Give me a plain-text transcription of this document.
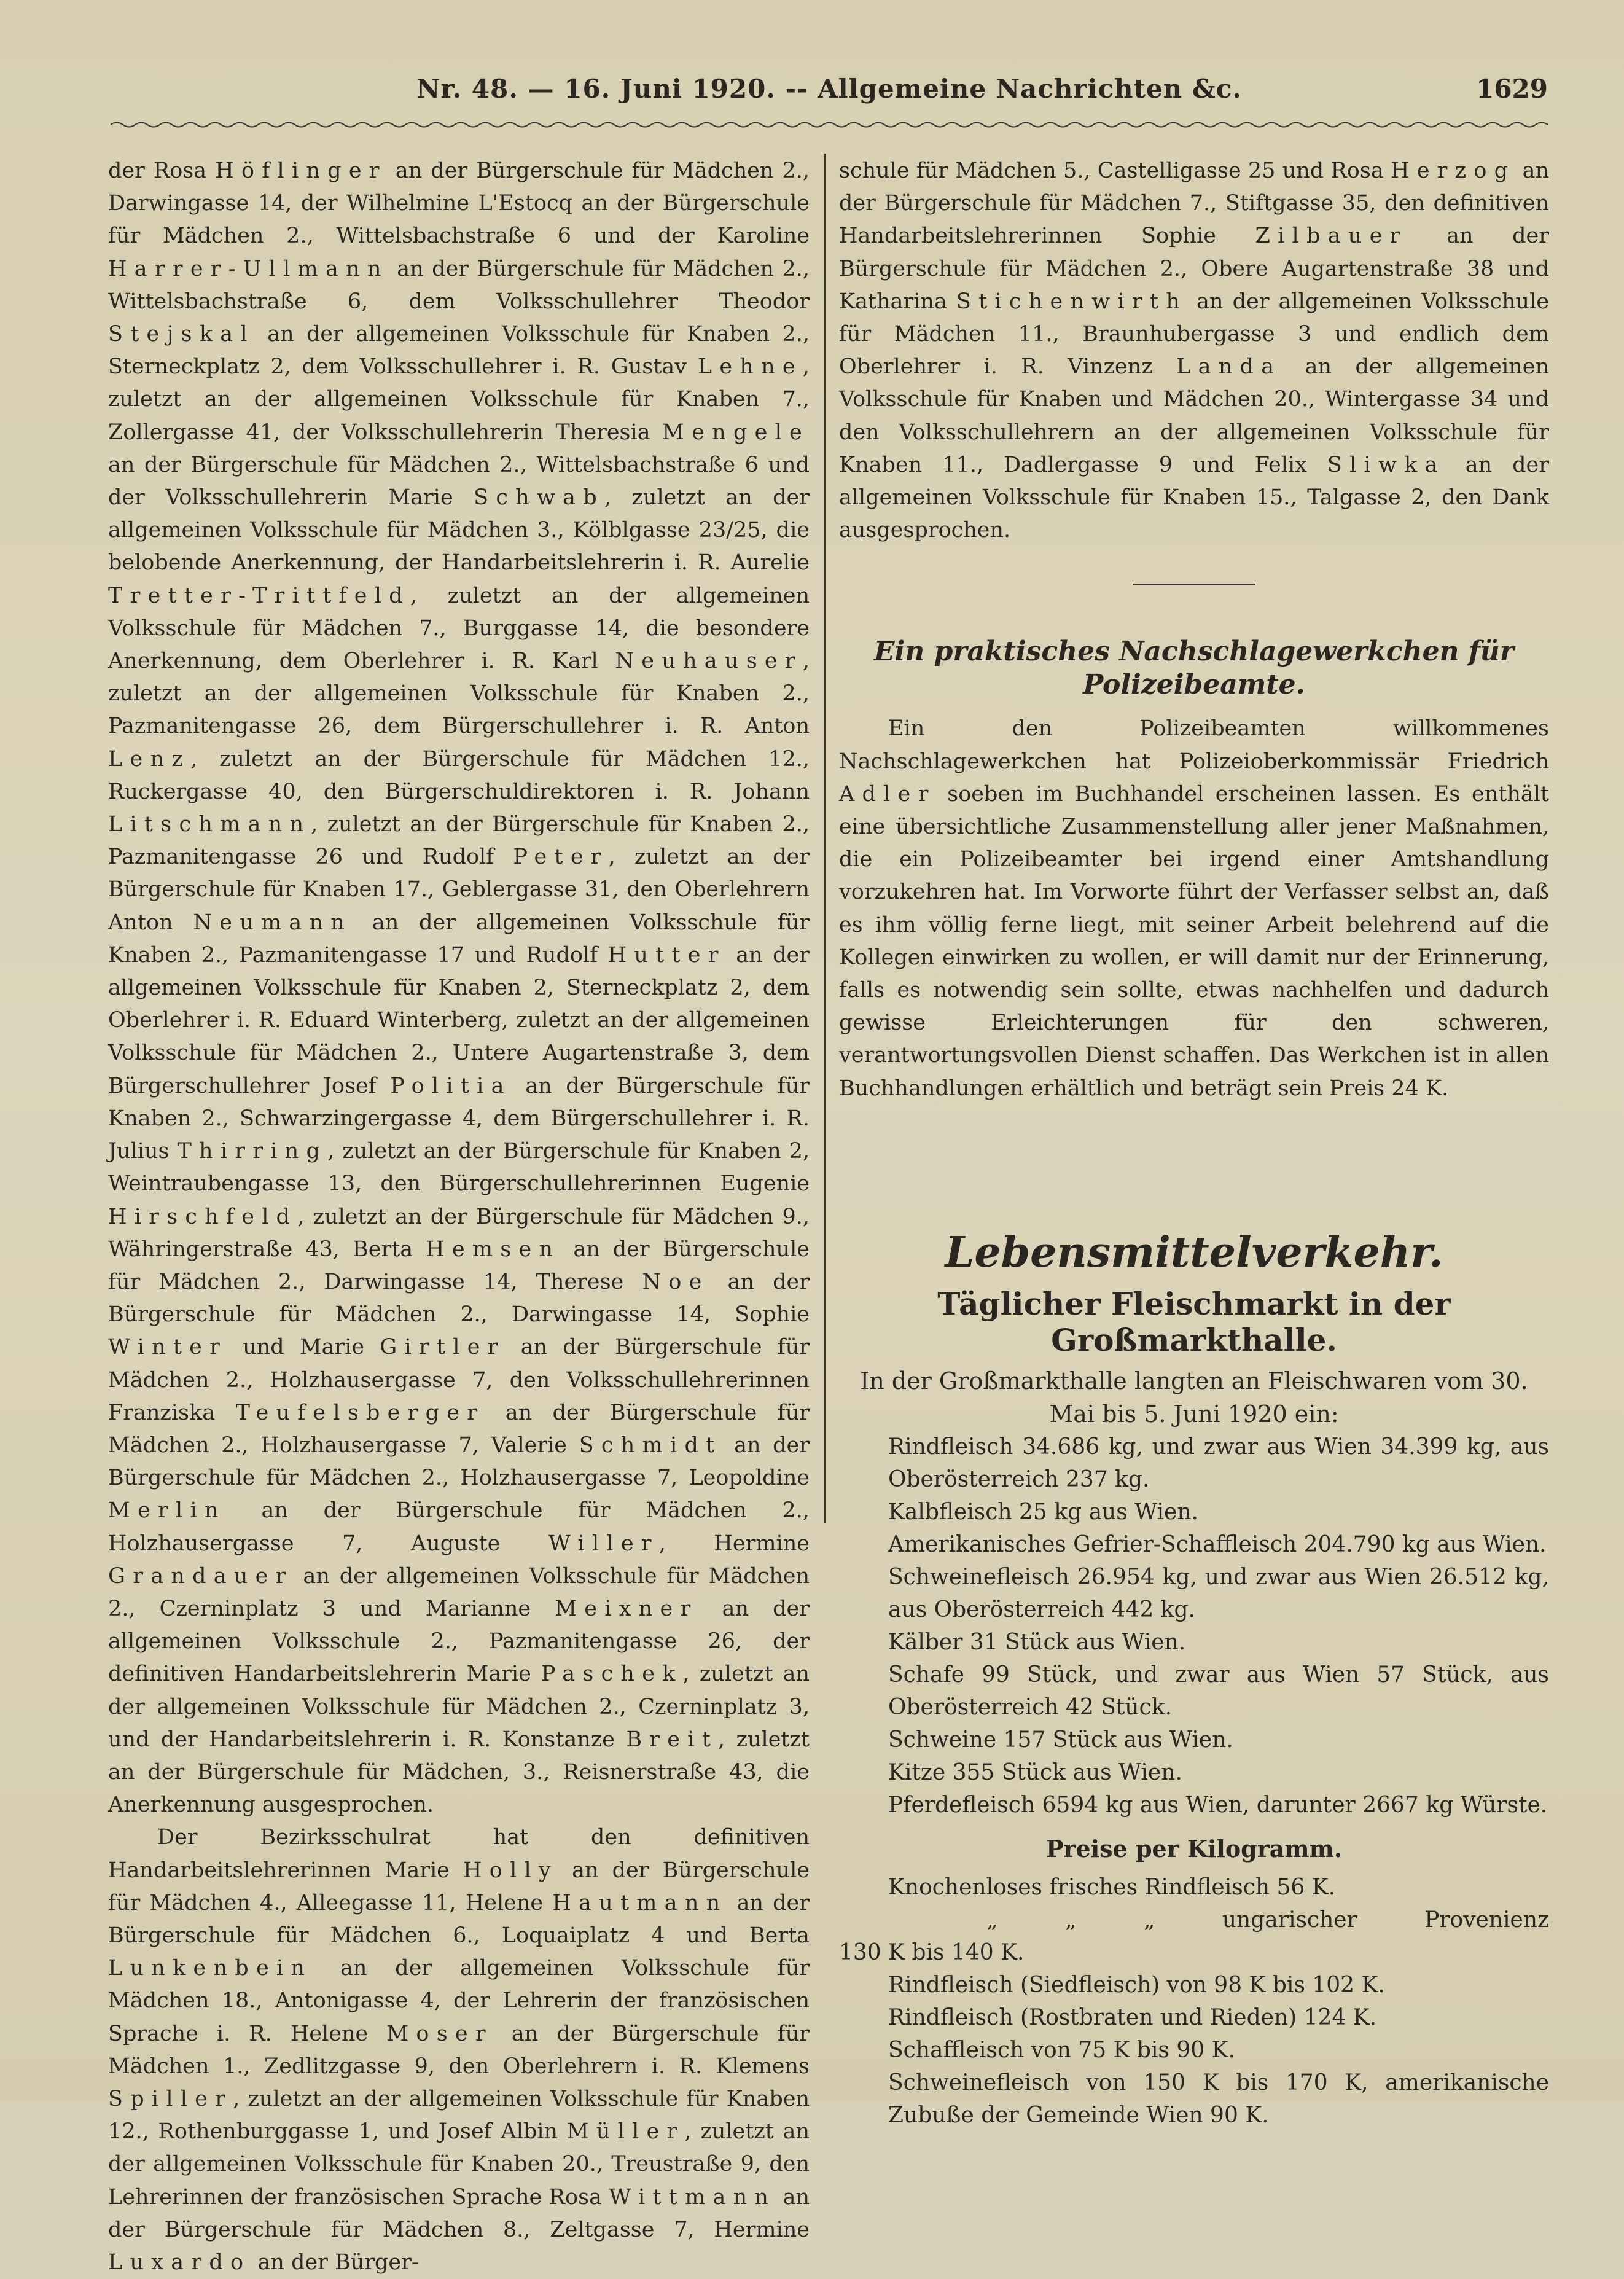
Nr. 48. — 16. Juni 1920. -- Allgemeine Nachrichten &c.	1629

der Rosa Höflinger an der Bürgerschule für Mädchen 2., Darwingasse 14, der Wilhelmine L'Estocq an der Bürgerschule für Mädchen 2., Wittelsbachstraße 6 und der Karoline Harrer-Ullmann an der Bürgerschule für Mädchen 2., Wittelsbachstraße 6, dem Volksschullehrer Theodor Stejskal an der allgemeinen Volksschule für Knaben 2., Sterneckplatz 2, dem Volksschullehrer i. R. Gustav Lehne, zuletzt an der allgemeinen Volksschule für Knaben 7., Zollergasse 41, der Volksschullehrerin Theresia Mengele an der Bürgerschule für Mädchen 2., Wittelsbachstraße 6 und der Volksschullehrerin Marie Schwab, zuletzt an der allgemeinen Volksschule für Mädchen 3., Kölblgasse 23/25, die belobende Anerkennung, der Handarbeitslehrerin i. R. Aurelie Tretter-Trittfeld, zuletzt an der allgemeinen Volksschule für Mädchen 7., Burggasse 14, die besondere Anerkennung, dem Oberlehrer i. R. Karl Neuhauser, zuletzt an der allgemeinen Volksschule für Knaben 2., Pazmanitengasse 26, dem Bürgerschullehrer i. R. Anton Lenz, zuletzt an der Bürgerschule für Mädchen 12., Ruckergasse 40, den Bürgerschuldirektoren i. R. Johann Litschmann, zuletzt an der Bürgerschule für Knaben 2., Pazmanitengasse 26 und Rudolf Peter, zuletzt an der Bürgerschule für Knaben 17., Geblergasse 31, den Oberlehrern Anton Neumann an der allgemeinen Volksschule für Knaben 2., Pazmanitengasse 17 und Rudolf Hutter an der allgemeinen Volksschule für Knaben 2, Sterneckplatz 2, dem Oberlehrer i. R. Eduard Winterberg, zuletzt an der allgemeinen Volksschule für Mädchen 2., Untere Augartenstraße 3, dem Bürgerschullehrer Josef Politia an der Bürgerschule für Knaben 2., Schwarzingergasse 4, dem Bürgerschullehrer i. R. Julius Thirring, zuletzt an der Bürgerschule für Knaben 2, Weintraubengasse 13, den Bürgerschullehrerinnen Eugenie Hirschfeld, zuletzt an der Bürgerschule für Mädchen 9., Währingerstraße 43, Berta Hemsen an der Bürgerschule für Mädchen 2., Darwingasse 14, Therese Noe an der Bürgerschule für Mädchen 2., Darwingasse 14, Sophie Winter und Marie Girtler an der Bürgerschule für Mädchen 2., Holzhausergasse 7, den Volksschullehrerinnen Franziska Teufelsberger an der Bürgerschule für Mädchen 2., Holzhausergasse 7, Valerie Schmidt an der Bürgerschule für Mädchen 2., Holzhausergasse 7, Leopoldine Merlin an der Bürgerschule für Mädchen 2., Holzhausergasse 7, Auguste Willer, Hermine Grandauer an der allgemeinen Volksschule für Mädchen 2., Czerninplatz 3 und Marianne Meixner an der allgemeinen Volksschule 2., Pazmanitengasse 26, der definitiven Handarbeitslehrerin Marie Paschek, zuletzt an der allgemeinen Volksschule für Mädchen 2., Czerninplatz 3, und der Handarbeitslehrerin i. R. Konstanze Breit, zuletzt an der Bürgerschule für Mädchen, 3., Reisnerstraße 43, die Anerkennung ausgesprochen.

Der Bezirksschulrat hat den definitiven Handarbeitslehrerinnen Marie Holly an der Bürgerschule für Mädchen 4., Alleegasse 11, Helene Hautmann an der Bürgerschule für Mädchen 6., Loquaiplatz 4 und Berta Lunkenbein an der allgemeinen Volksschule für Mädchen 18., Antonigasse 4, der Lehrerin der französischen Sprache i. R. Helene Moser an der Bürgerschule für Mädchen 1., Zedlitzgasse 9, den Oberlehrern i. R. Klemens Spiller, zuletzt an der allgemeinen Volksschule für Knaben 12., Rothenburggasse 1, und Josef Albin Müller, zuletzt an der allgemeinen Volksschule für Knaben 20., Treustraße 9, den Lehrerinnen der französischen Sprache Rosa Wittmann an der Bürgerschule für Mädchen 8., Zeltgasse 7, Hermine Luxardo an der Bürger-

schule für Mädchen 5., Castelligasse 25 und Rosa Herzog an der Bürgerschule für Mädchen 7., Stiftgasse 35, den definitiven Handarbeitslehrerinnen Sophie Zilbauer an der Bürgerschule für Mädchen 2., Obere Augartenstraße 38 und Katharina Stichenwirth an der allgemeinen Volksschule für Mädchen 11., Braunhubergasse 3 und endlich dem Oberlehrer i. R. Vinzenz Landa an der allgemeinen Volksschule für Knaben und Mädchen 20., Wintergasse 34 und den Volksschullehrern an der allgemeinen Volksschule für Knaben 11., Dadlergasse 9 und Felix Sliwka an der allgemeinen Volksschule für Knaben 15., Talgasse 2, den Dank ausgesprochen.

Ein praktisches Nachschlagewerkchen für Polizeibeamte.

Ein den Polizeibeamten willkommenes Nachschlagewerkchen hat Polizeioberkommissär Friedrich Adler soeben im Buchhandel erscheinen lassen. Es enthält eine übersichtliche Zusammenstellung aller jener Maßnahmen, die ein Polizeibeamter bei irgend einer Amtshandlung vorzukehren hat. Im Vorworte führt der Verfasser selbst an, daß es ihm völlig ferne liegt, mit seiner Arbeit belehrend auf die Kollegen einwirken zu wollen, er will damit nur der Erinnerung, falls es notwendig sein sollte, etwas nachhelfen und dadurch gewisse Erleichterungen für den schweren, verantwortungsvollen Dienst schaffen. Das Werkchen ist in allen Buchhandlungen erhältlich und beträgt sein Preis 24 K.

Lebensmittelverkehr.
Täglicher Fleischmarkt in der Großmarkthalle.

In der Großmarkthalle langten an Fleischwaren vom 30. Mai bis 5. Juni 1920 ein:

Rindfleisch 34.686 kg, und zwar aus Wien 34.399 kg, aus Oberösterreich 237 kg.

Kalbfleisch 25 kg aus Wien.

Amerikanisches Gefrier-Schaffleisch 204.790 kg aus Wien.

Schweinefleisch 26.954 kg, und zwar aus Wien 26.512 kg, aus Oberösterreich 442 kg.

Kälber 31 Stück aus Wien.

Schafe 99 Stück, und zwar aus Wien 57 Stück, aus Oberösterreich 42 Stück.

Schweine 157 Stück aus Wien.

Kitze 355 Stück aus Wien.

Pferdefleisch 6594 kg aus Wien, darunter 2667 kg Würste.

Preise per Kilogramm.

Knochenloses frisches Rindfleisch 56 K.

„	„	„	ungarischer	Provenienz

130 K bis 140 K.

Rindfleisch (Siedfleisch) von 98 K bis 102 K.

Rindfleisch (Rostbraten und Rieden) 124 K.

Schaffleisch von 75 K bis 90 K.

Schweinefleisch von 150 K bis 170 K, amerikanische Zubuße der Gemeinde Wien 90 K.
